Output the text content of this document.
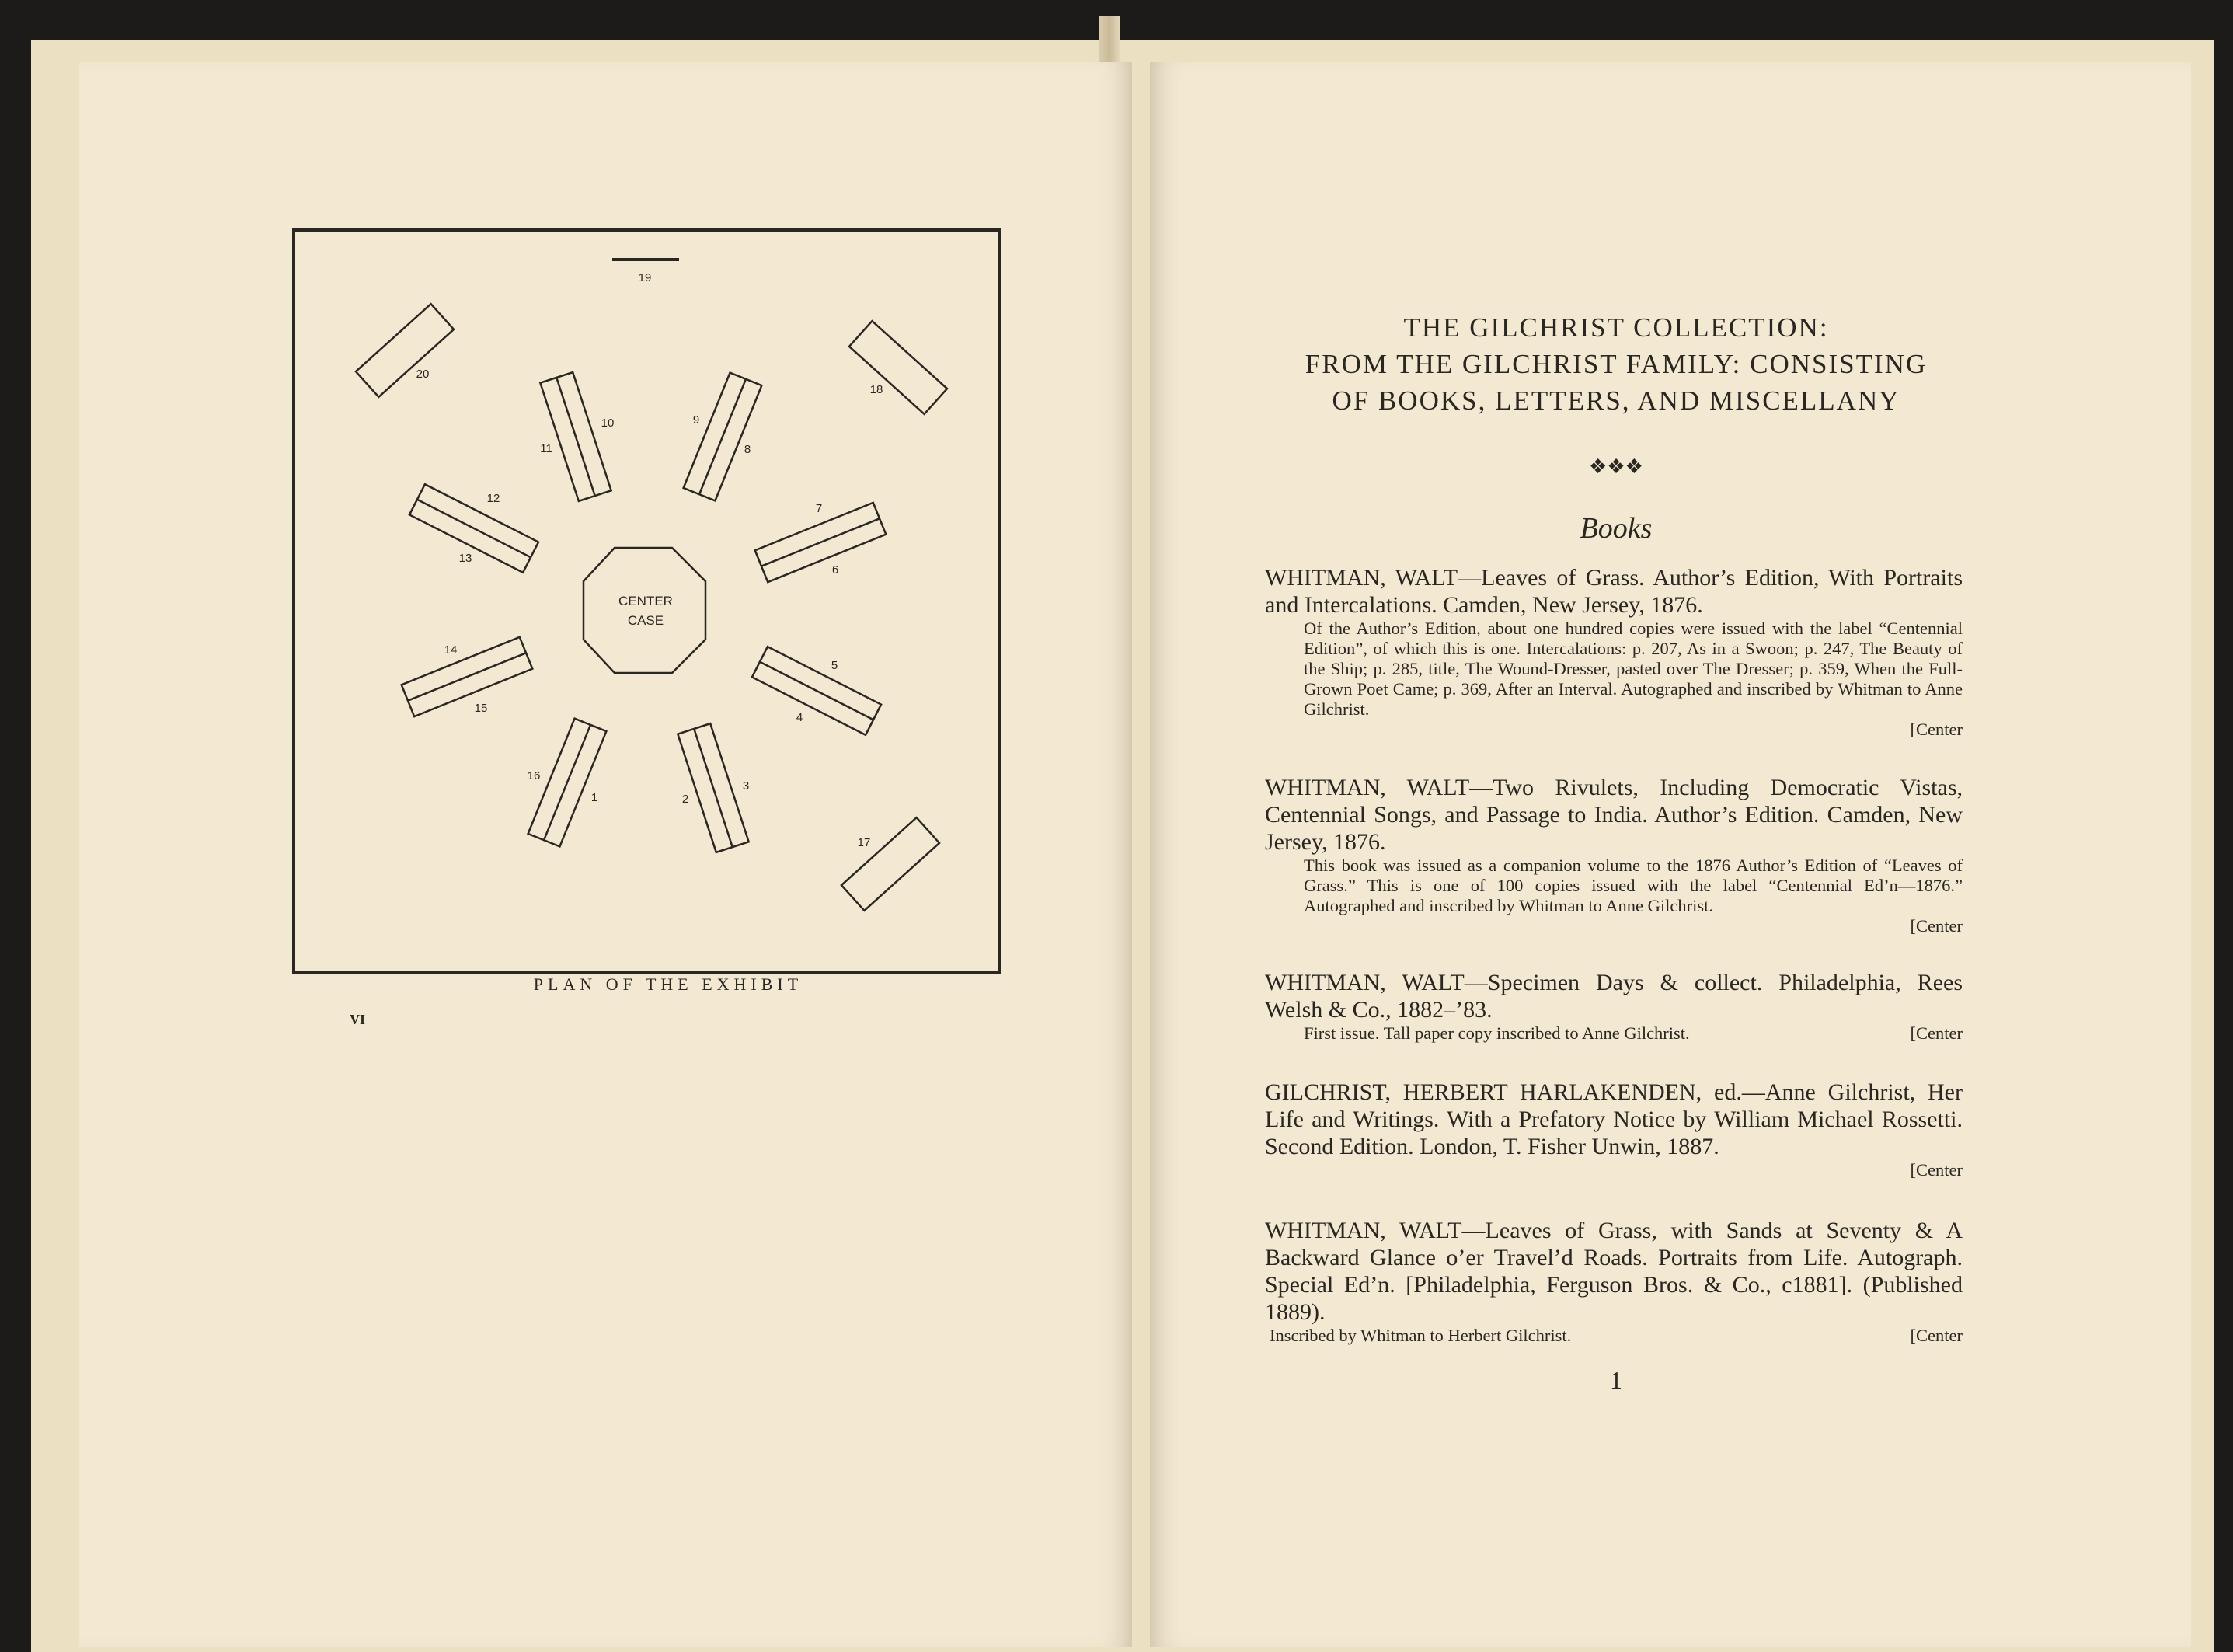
19
20
18
10
11
9
8
12
13
7
6
14
15
5
4
16
1	2
3
17
CENTER
CASE
PLAN OF THE EXHIBIT
VI
THE GILCHRIST COLLECTION:
FROM THE GILCHRIST FAMILY: CONSISTING
OF BOOKS, LETTERS, AND MISCELLANY
❖❖❖
Books
WHITMAN, WALT—Leaves of Grass. Author’s Edition, With Portraits and Intercalations. Camden, New Jersey, 1876.
Of the Author’s Edition, about one hundred copies were issued with the label “Centennial Edition”, of which this is one. Intercalations: p. 207, As in a Swoon; p. 247, The Beauty of the Ship; p. 285, title, The Wound-Dresser, pasted over The Dresser; p. 359, When the Full-Grown Poet Came; p. 369, After an Interval. Autographed and inscribed by Whitman to Anne Gilchrist.
[Center
WHITMAN, WALT—Two Rivulets, Including Democratic Vistas, Centennial Songs, and Passage to India. Author’s Edition. Camden, New Jersey, 1876.
This book was issued as a companion volume to the 1876 Author’s Edition of “Leaves of Grass.” This is one of 100 copies issued with the label “Centennial Ed’n—1876.” Autographed and inscribed by Whitman to Anne Gilchrist.
[Center
WHITMAN, WALT—Specimen Days & collect. Philadelphia, Rees Welsh & Co., 1882–’83.
First issue. Tall paper copy inscribed to Anne Gilchrist.	[Center
GILCHRIST, HERBERT HARLAKENDEN, ed.—Anne Gilchrist, Her Life and Writings. With a Prefatory Notice by William Michael Rossetti. Second Edition. London, T. Fisher Unwin, 1887.
[Center
WHITMAN, WALT—Leaves of Grass, with Sands at Seventy & A Backward Glance o’er Travel’d Roads. Portraits from Life. Autograph. Special Ed’n. [Philadelphia, Ferguson Bros. & Co., c1881]. (Published 1889).
Inscribed by Whitman to Herbert Gilchrist.	[Center
1
